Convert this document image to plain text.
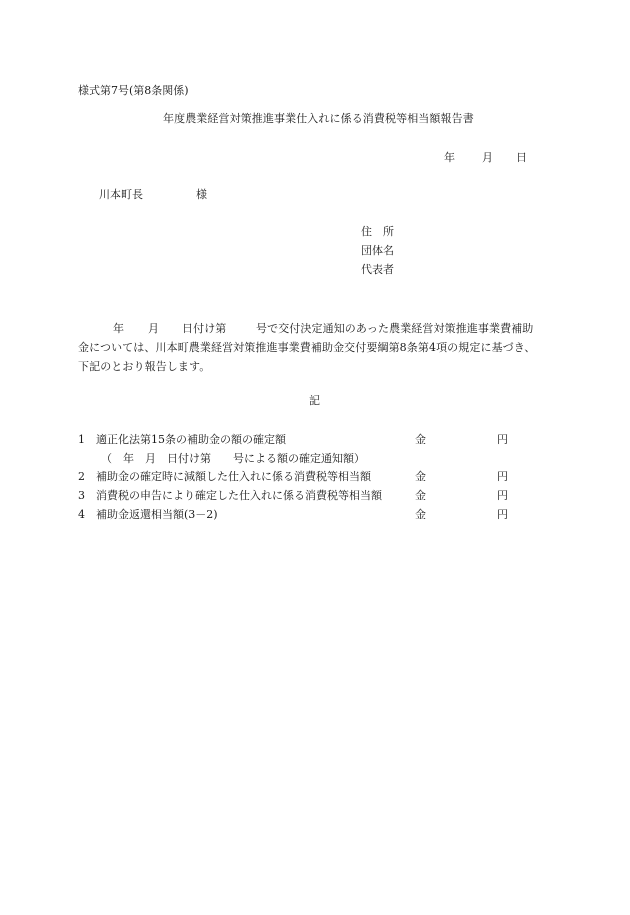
様式第7号(第8条関係)
年度農業経営対策推進事業仕入れに係る消費税等相当額報告書
年 月 日
川本町長	様
住　所
団体名
代表者
年 月 日付け第	号で交付決定通知のあった農業経営対策推進事業費補助
金については、川本町農業経営対策推進事業費補助金交付要綱第8条第4項の規定に基づき、
下記のとおり報告します。
記
1 適正化法第15条の補助金の額の確定額	金	円
（　年　月　日付け第　　号による額の確定通知額）
2 補助金の確定時に減額した仕入れに係る消費税等相当額	金	円
3 消費税の申告により確定した仕入れに係る消費税等相当額	金	円
4 補助金返還相当額(3－2)	金	円
